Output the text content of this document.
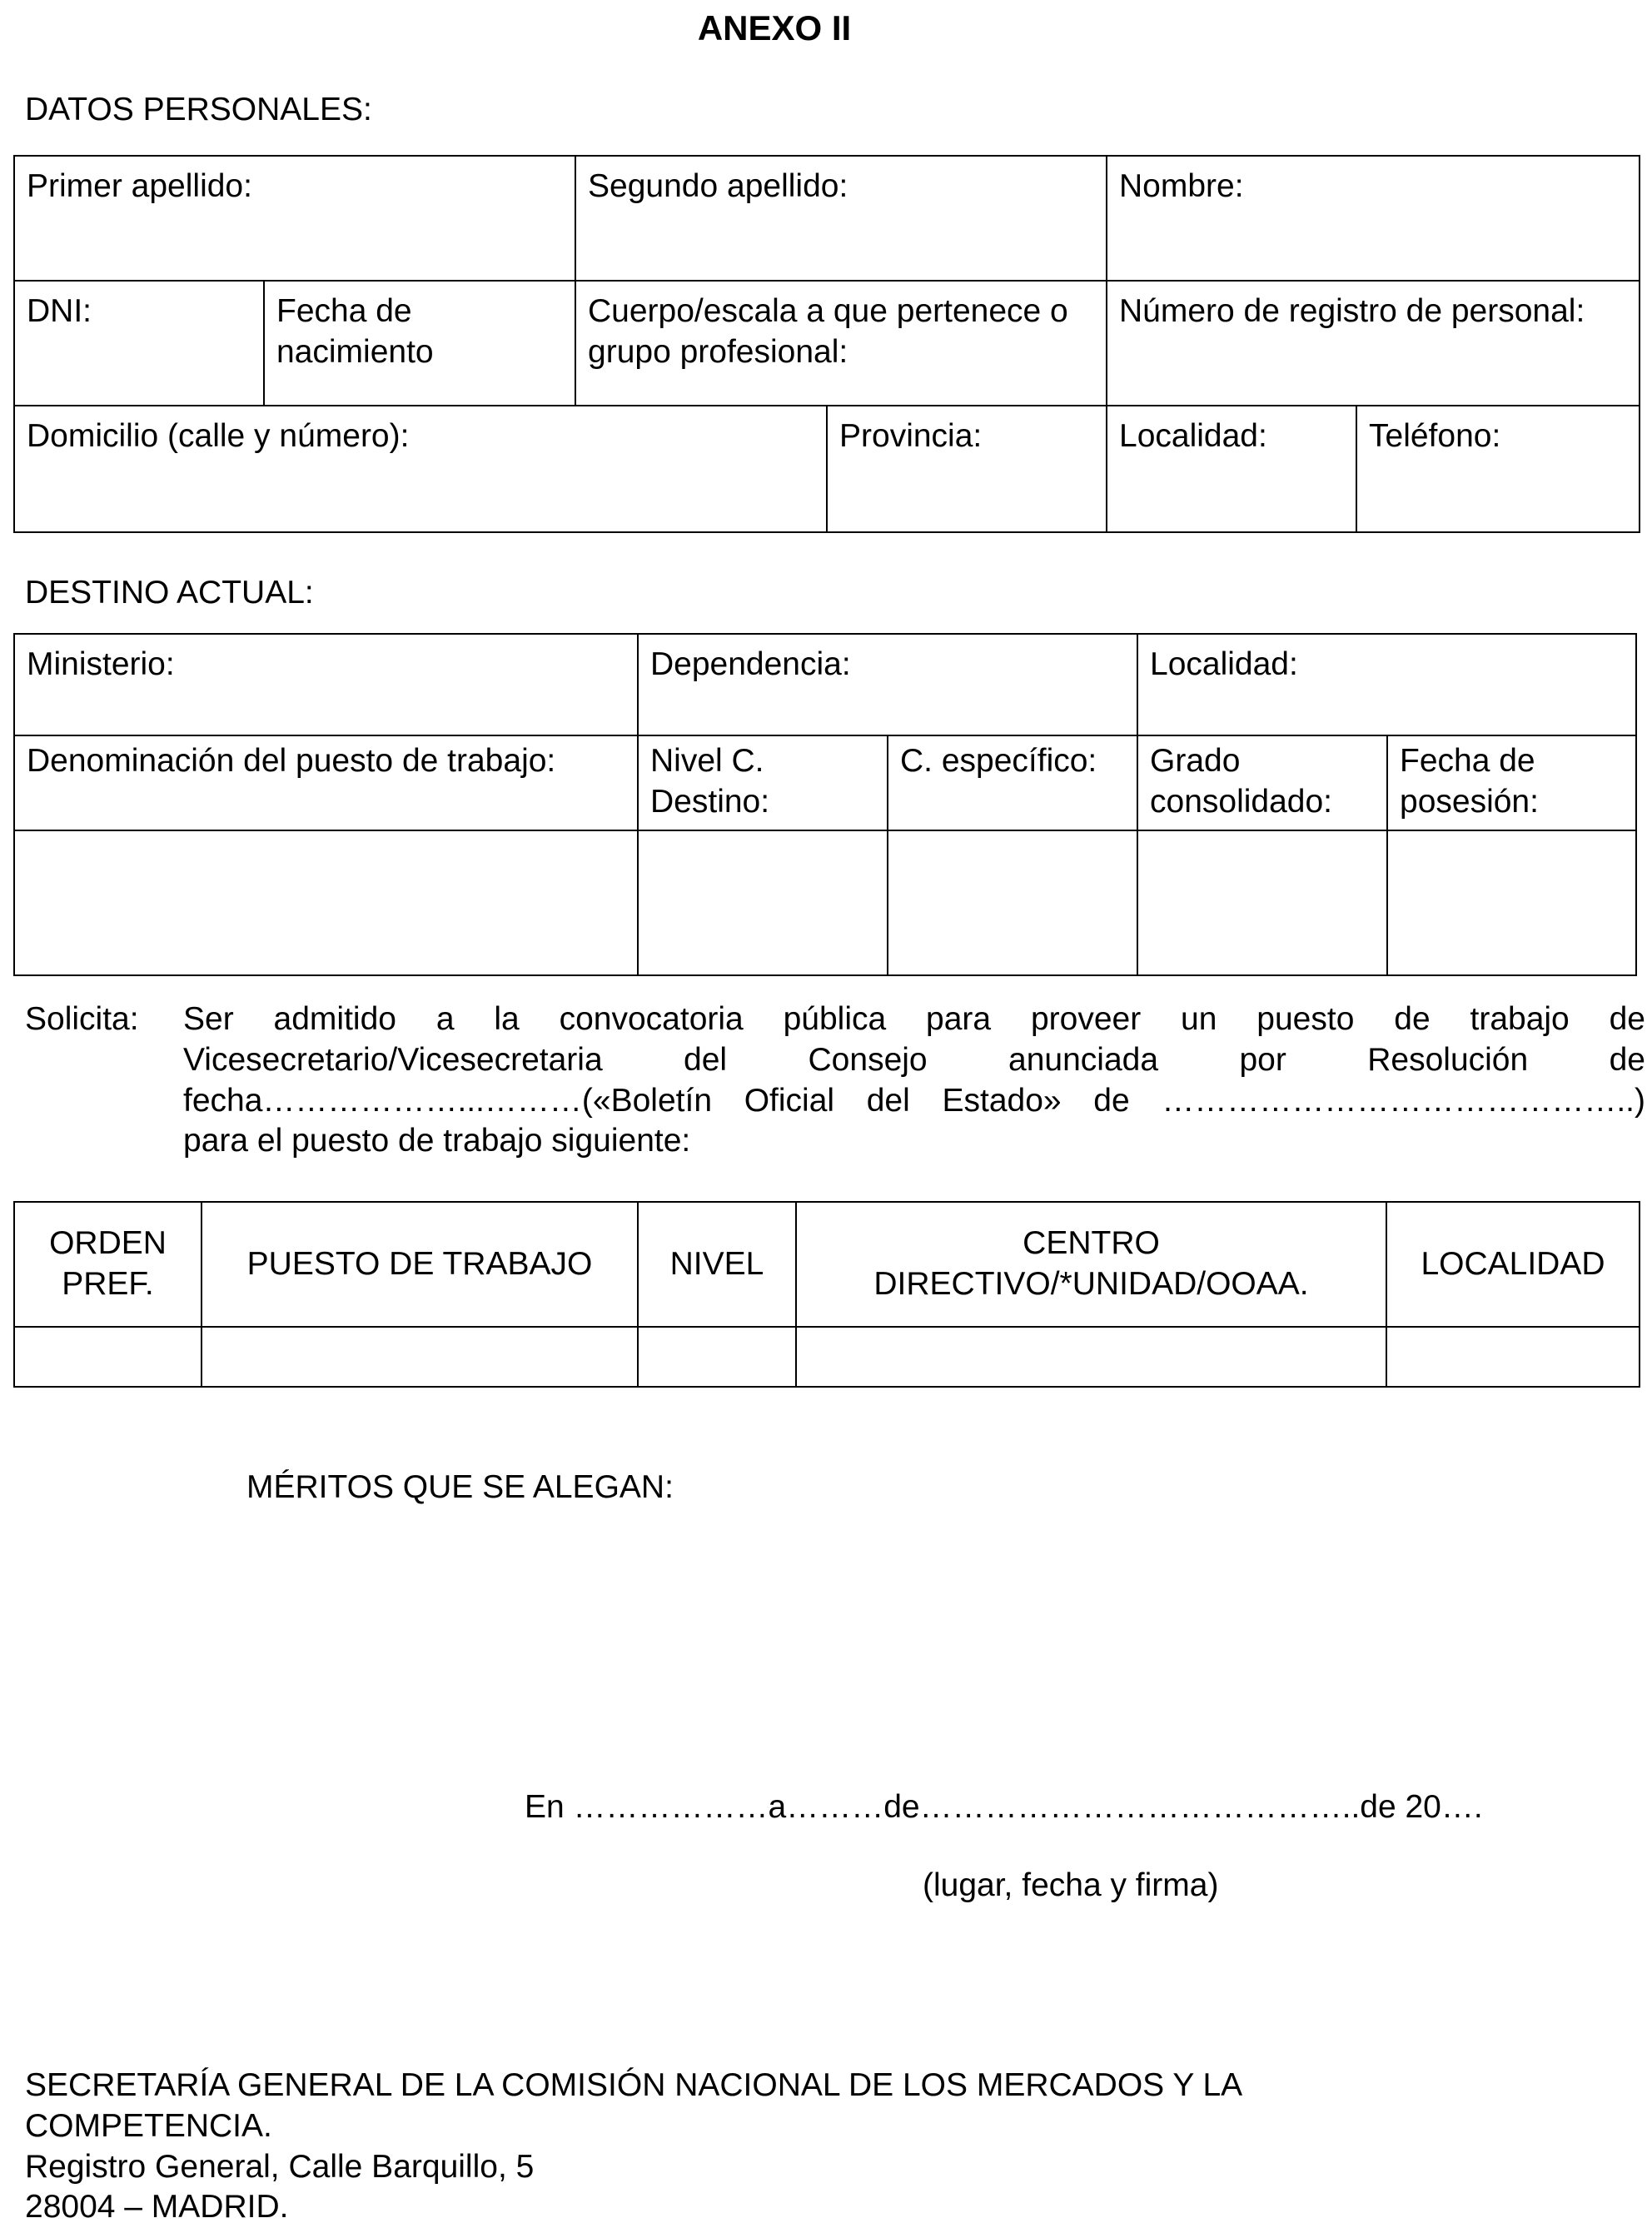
ANEXO II
DATOS PERSONALES:
Primer apellido:		Segundo apellido:		Nombre:	
DNI:	Fecha de nacimiento	Cuerpo/escala a que pertenece o grupo profesional:		Número de registro de personal:	
Domicilio (calle y número):			Provincia:	Localidad:	Teléfono:
DESTINO ACTUAL:
Ministerio:	Dependencia:		Localidad:	
Denominación del puesto de trabajo:	Nivel C. Destino:	C. específico:	Grado consolidado:	Fecha de posesión:

Solicita: Ser admitido a la convocatoria pública para proveer un puesto de trabajo de
Vicesecretario/Vicesecretaria del Consejo anunciada por Resolución de
fecha………………...………(«Boletín Oficial del Estado» de ……………………………………..)
para el puesto de trabajo siguiente:
ORDEN PREF.	PUESTO DE TRABAJO	NIVEL	CENTRO DIRECTIVO/*UNIDAD/OOAA.	LOCALIDAD

MÉRITOS QUE SE ALEGAN:
En ………………a………de…………………………………..de 20….
(lugar, fecha y firma)
SECRETARÍA GENERAL DE LA COMISIÓN NACIONAL DE LOS MERCADOS Y LA
COMPETENCIA.
Registro General, Calle Barquillo, 5
28004 – MADRID.
